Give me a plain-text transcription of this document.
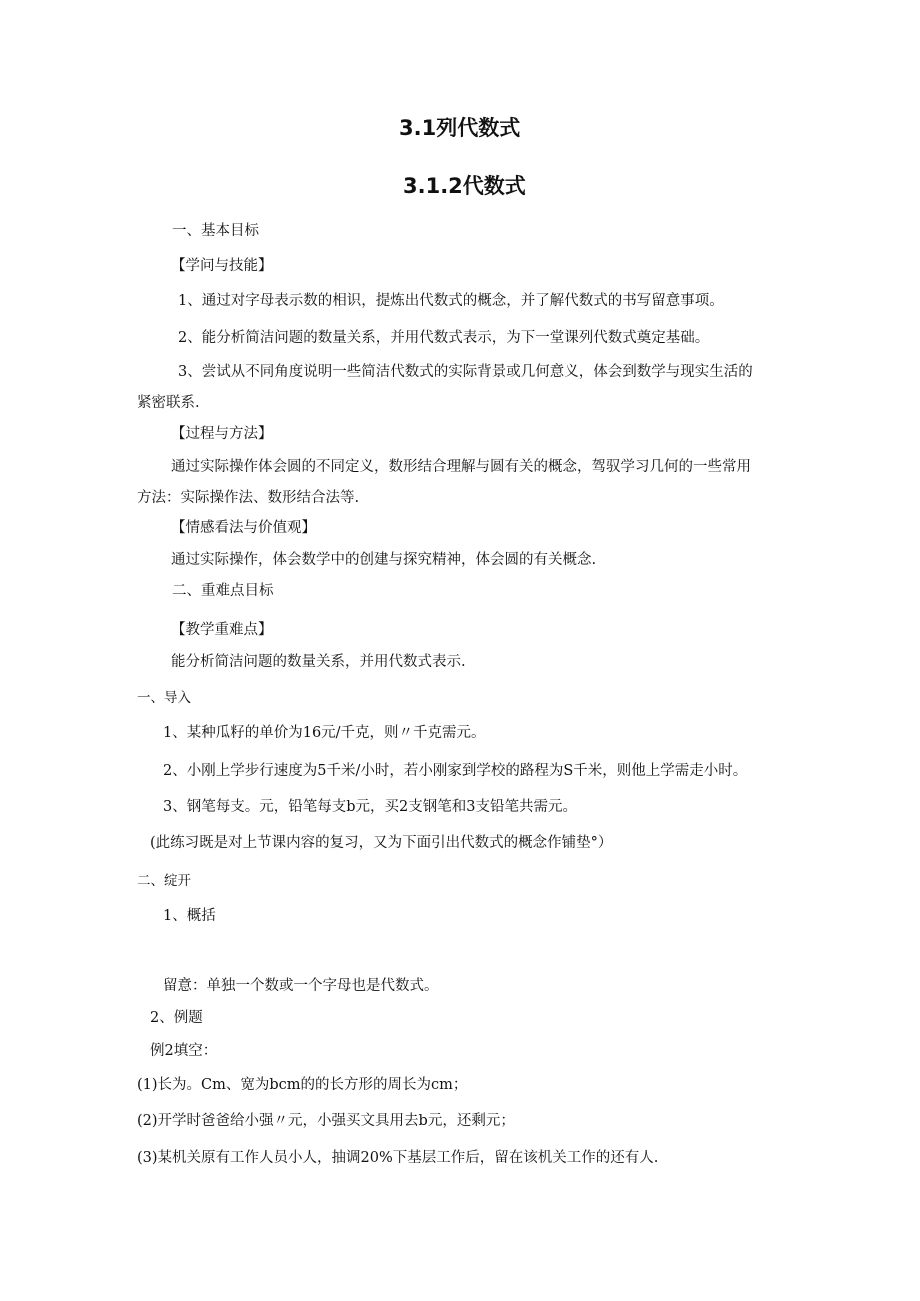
3.1列代数式
3.1.2代数式
一、基本目标
【学问与技能】
1、通过对字母表示数的相识，提炼出代数式的概念，并了解代数式的书写留意事项。
2、能分析简洁问题的数量关系，并用代数式表示，为下一堂课列代数式奠定基础。
3、尝试从不同角度说明一些简洁代数式的实际背景或几何意义，体会到数学与现实生活的
紧密联系.
【过程与方法】
通过实际操作体会圆的不同定义，数形结合理解与圆有关的概念，驾驭学习几何的一些常用
方法：实际操作法、数形结合法等.
【情感看法与价值观】
通过实际操作，体会数学中的创建与探究精神，体会圆的有关概念.
二、重难点目标
【教学重难点】
能分析简洁问题的数量关系，并用代数式表示.
一、导入
1、某种瓜籽的单价为16元/千克，则〃千克需元。
2、小刚上学步行速度为5千米/小时，若小刚家到学校的路程为S千米，则他上学需走小时。
3、钢笔每支。元，铅笔每支b元，买2支钢笔和3支铅笔共需元。
(此练习既是对上节课内容的复习，又为下面引出代数式的概念作铺垫°）
二、绽开
1、概括
留意：单独一个数或一个字母也是代数式。
2、例题
例2填空：
(1)长为。Cm、宽为bcm的的长方形的周长为cm；
(2)开学时爸爸给小强〃元，小强买文具用去b元，还剩元；
(3)某机关原有工作人员小人，抽调20%下基层工作后，留在该机关工作的还有人.
